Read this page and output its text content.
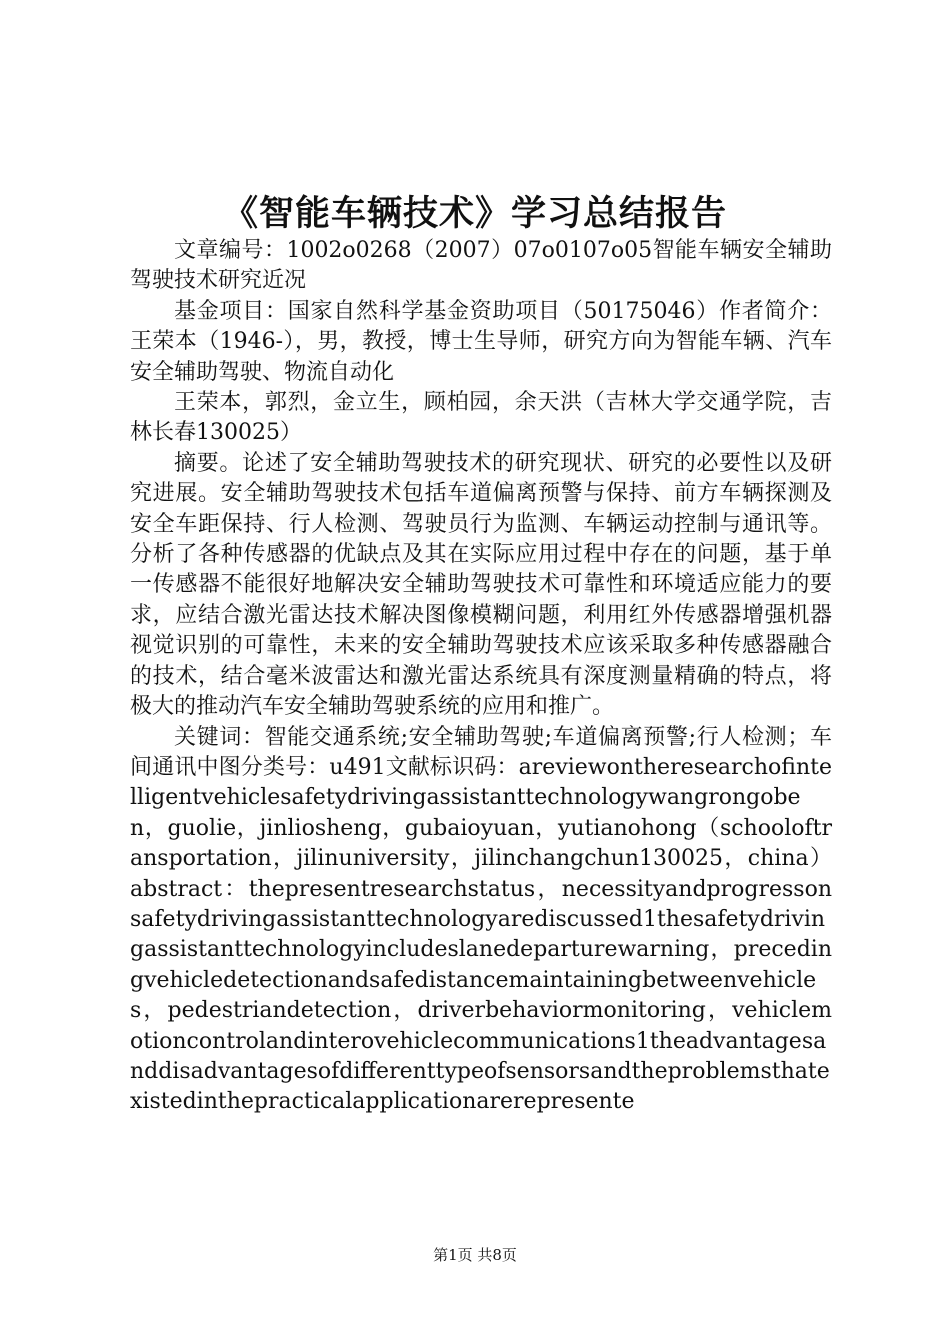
《智能车辆技术》学习总结报告

文章编号：1002o0268（2007）07o0107o05智能车辆安全辅助驾驶技术研究近况

基金项目：国家自然科学基金资助项目（50175046）作者简介：王荣本（1946-），男，教授，博士生导师，研究方向为智能车辆、汽车安全辅助驾驶、物流自动化

王荣本，郭烈，金立生，顾柏园，余天洪（吉林大学交通学院，吉林长春130025）

摘要。论述了安全辅助驾驶技术的研究现状、研究的必要性以及研究进展。安全辅助驾驶技术包括车道偏离预警与保持、前方车辆探测及安全车距保持、行人检测、驾驶员行为监测、车辆运动控制与通讯等。分析了各种传感器的优缺点及其在实际应用过程中存在的问题，基于单一传感器不能很好地解决安全辅助驾驶技术可靠性和环境适应能力的要求，应结合激光雷达技术解决图像模糊问题，利用红外传感器增强机器视觉识别的可靠性，未来的安全辅助驾驶技术应该采取多种传感器融合的技术，结合毫米波雷达和激光雷达系统具有深度测量精确的特点，将极大的推动汽车安全辅助驾驶系统的应用和推广。

关键词：智能交通系统;安全辅助驾驶;车道偏离预警;行人检测；车间通讯中图分类号：u491文献标识码：areviewontheresearchofintelligentvehiclesafetydrivingassistanttechnologywangrongoben，guolie，jinliosheng，gubaioyuan，yutianohong（schooloftransportation，jilinuniversity，jilinchangchun130025，china）abstract：thepresentresearchstatus，necessityandprogressonsafetydrivingassistanttechnologyarediscussed1thesafetydrivingassistanttechnologyincludeslanedeparturewarning，precedingvehicledetectionandsafedistancemaintainingbetweenvehicles，pedestriandetection，driverbehaviormonitoring，vehiclemotioncontrolandinterovehiclecommunications1theadvantagesanddisadvantagesofdifferenttypeofsensorsandtheproblemsthatexistedinthepracticalapplicationarerepresente

第1页 共8页
